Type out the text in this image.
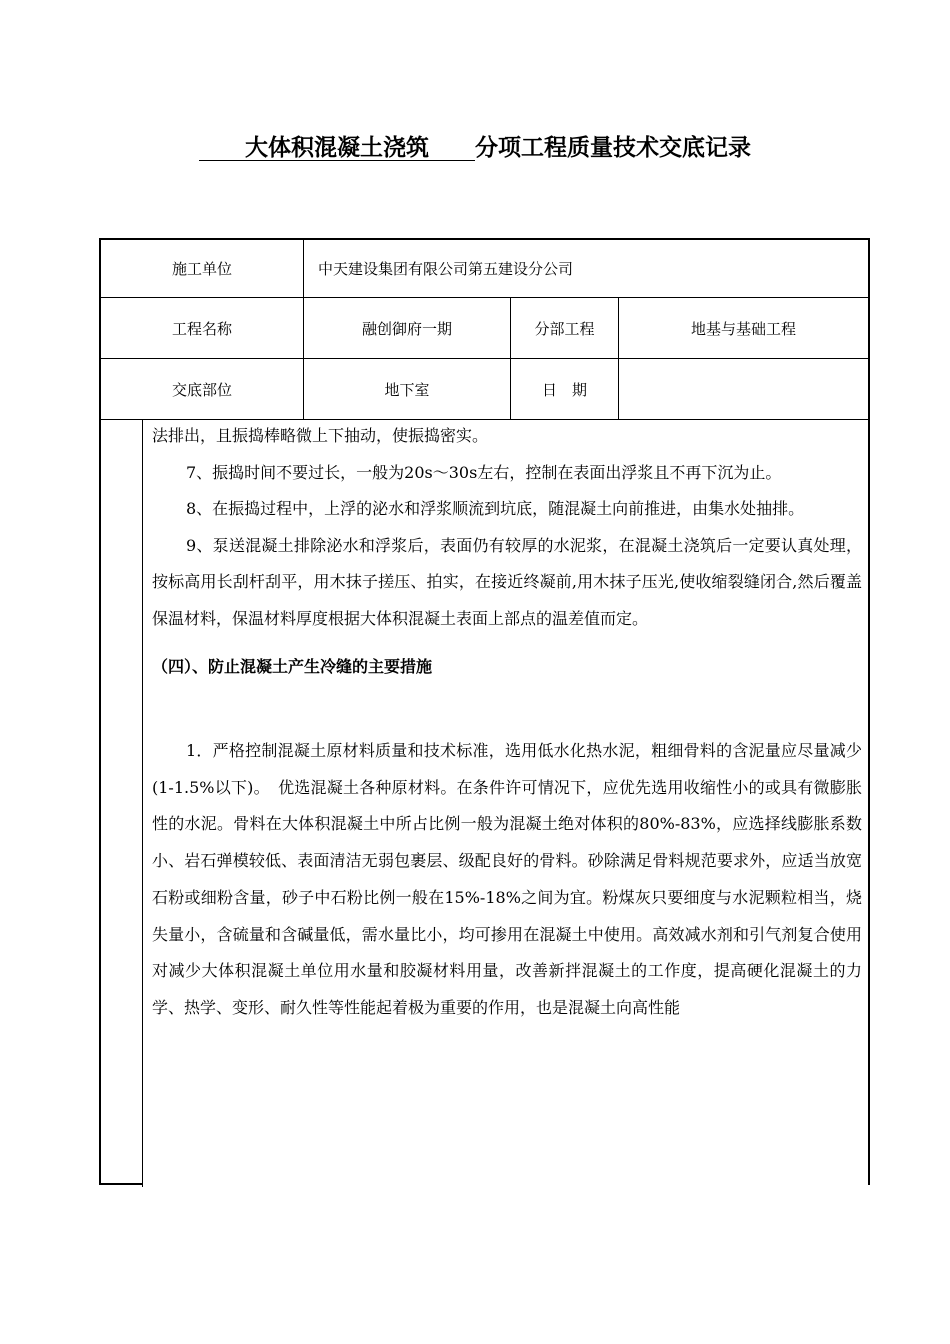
　　大体积混凝土浇筑　　 分项工程质量技术交底记录
施工单位	中天建设集团有限公司第五建设分公司
工程名称	融创御府一期	分部工程	地基与基础工程
交底部位	地下室	日　期

法排出，且振捣棒略微上下抽动，使振捣密实。

7、振捣时间不要过长，一般为20s～30s左右，控制在表面出浮浆且不再下沉为止。

8、在振捣过程中，上浮的泌水和浮浆顺流到坑底，随混凝土向前推进，由集水处抽排。

9、泵送混凝土排除泌水和浮浆后，表面仍有较厚的水泥浆，在混凝土浇筑后一定要认真处理，按标高用长刮杆刮平，用木抹子搓压、拍实，在接近终凝前,用木抹子压光,使收缩裂缝闭合,然后覆盖保温材料，保温材料厚度根据大体积混凝土表面上部点的温差值而定。

（四）、防止混凝土产生冷缝的主要措施

1．严格控制混凝土原材料质量和技术标准，选用低水化热水泥，粗细骨料的含泥量应尽量减少(1-1.5%以下)。　优选混凝土各种原材料。在条件许可情况下，应优先选用收缩性小的或具有微膨胀性的水泥。骨料在大体积混凝土中所占比例一般为混凝土绝对体积的80%-83%，应选择线膨胀系数小、岩石弹模较低、表面清洁无弱包裹层、级配良好的骨料。砂除满足骨料规范要求外，应适当放宽石粉或细粉含量，砂子中石粉比例一般在15%-18%之间为宜。粉煤灰只要细度与水泥颗粒相当，烧失量小，含硫量和含碱量低，需水量比小，均可掺用在混凝土中使用。高效减水剂和引气剂复合使用对减少大体积混凝土单位用水量和胶凝材料用量，改善新拌混凝土的工作度，提高硬化混凝土的力学、热学、变形、耐久性等性能起着极为重要的作用，也是混凝土向高性能
